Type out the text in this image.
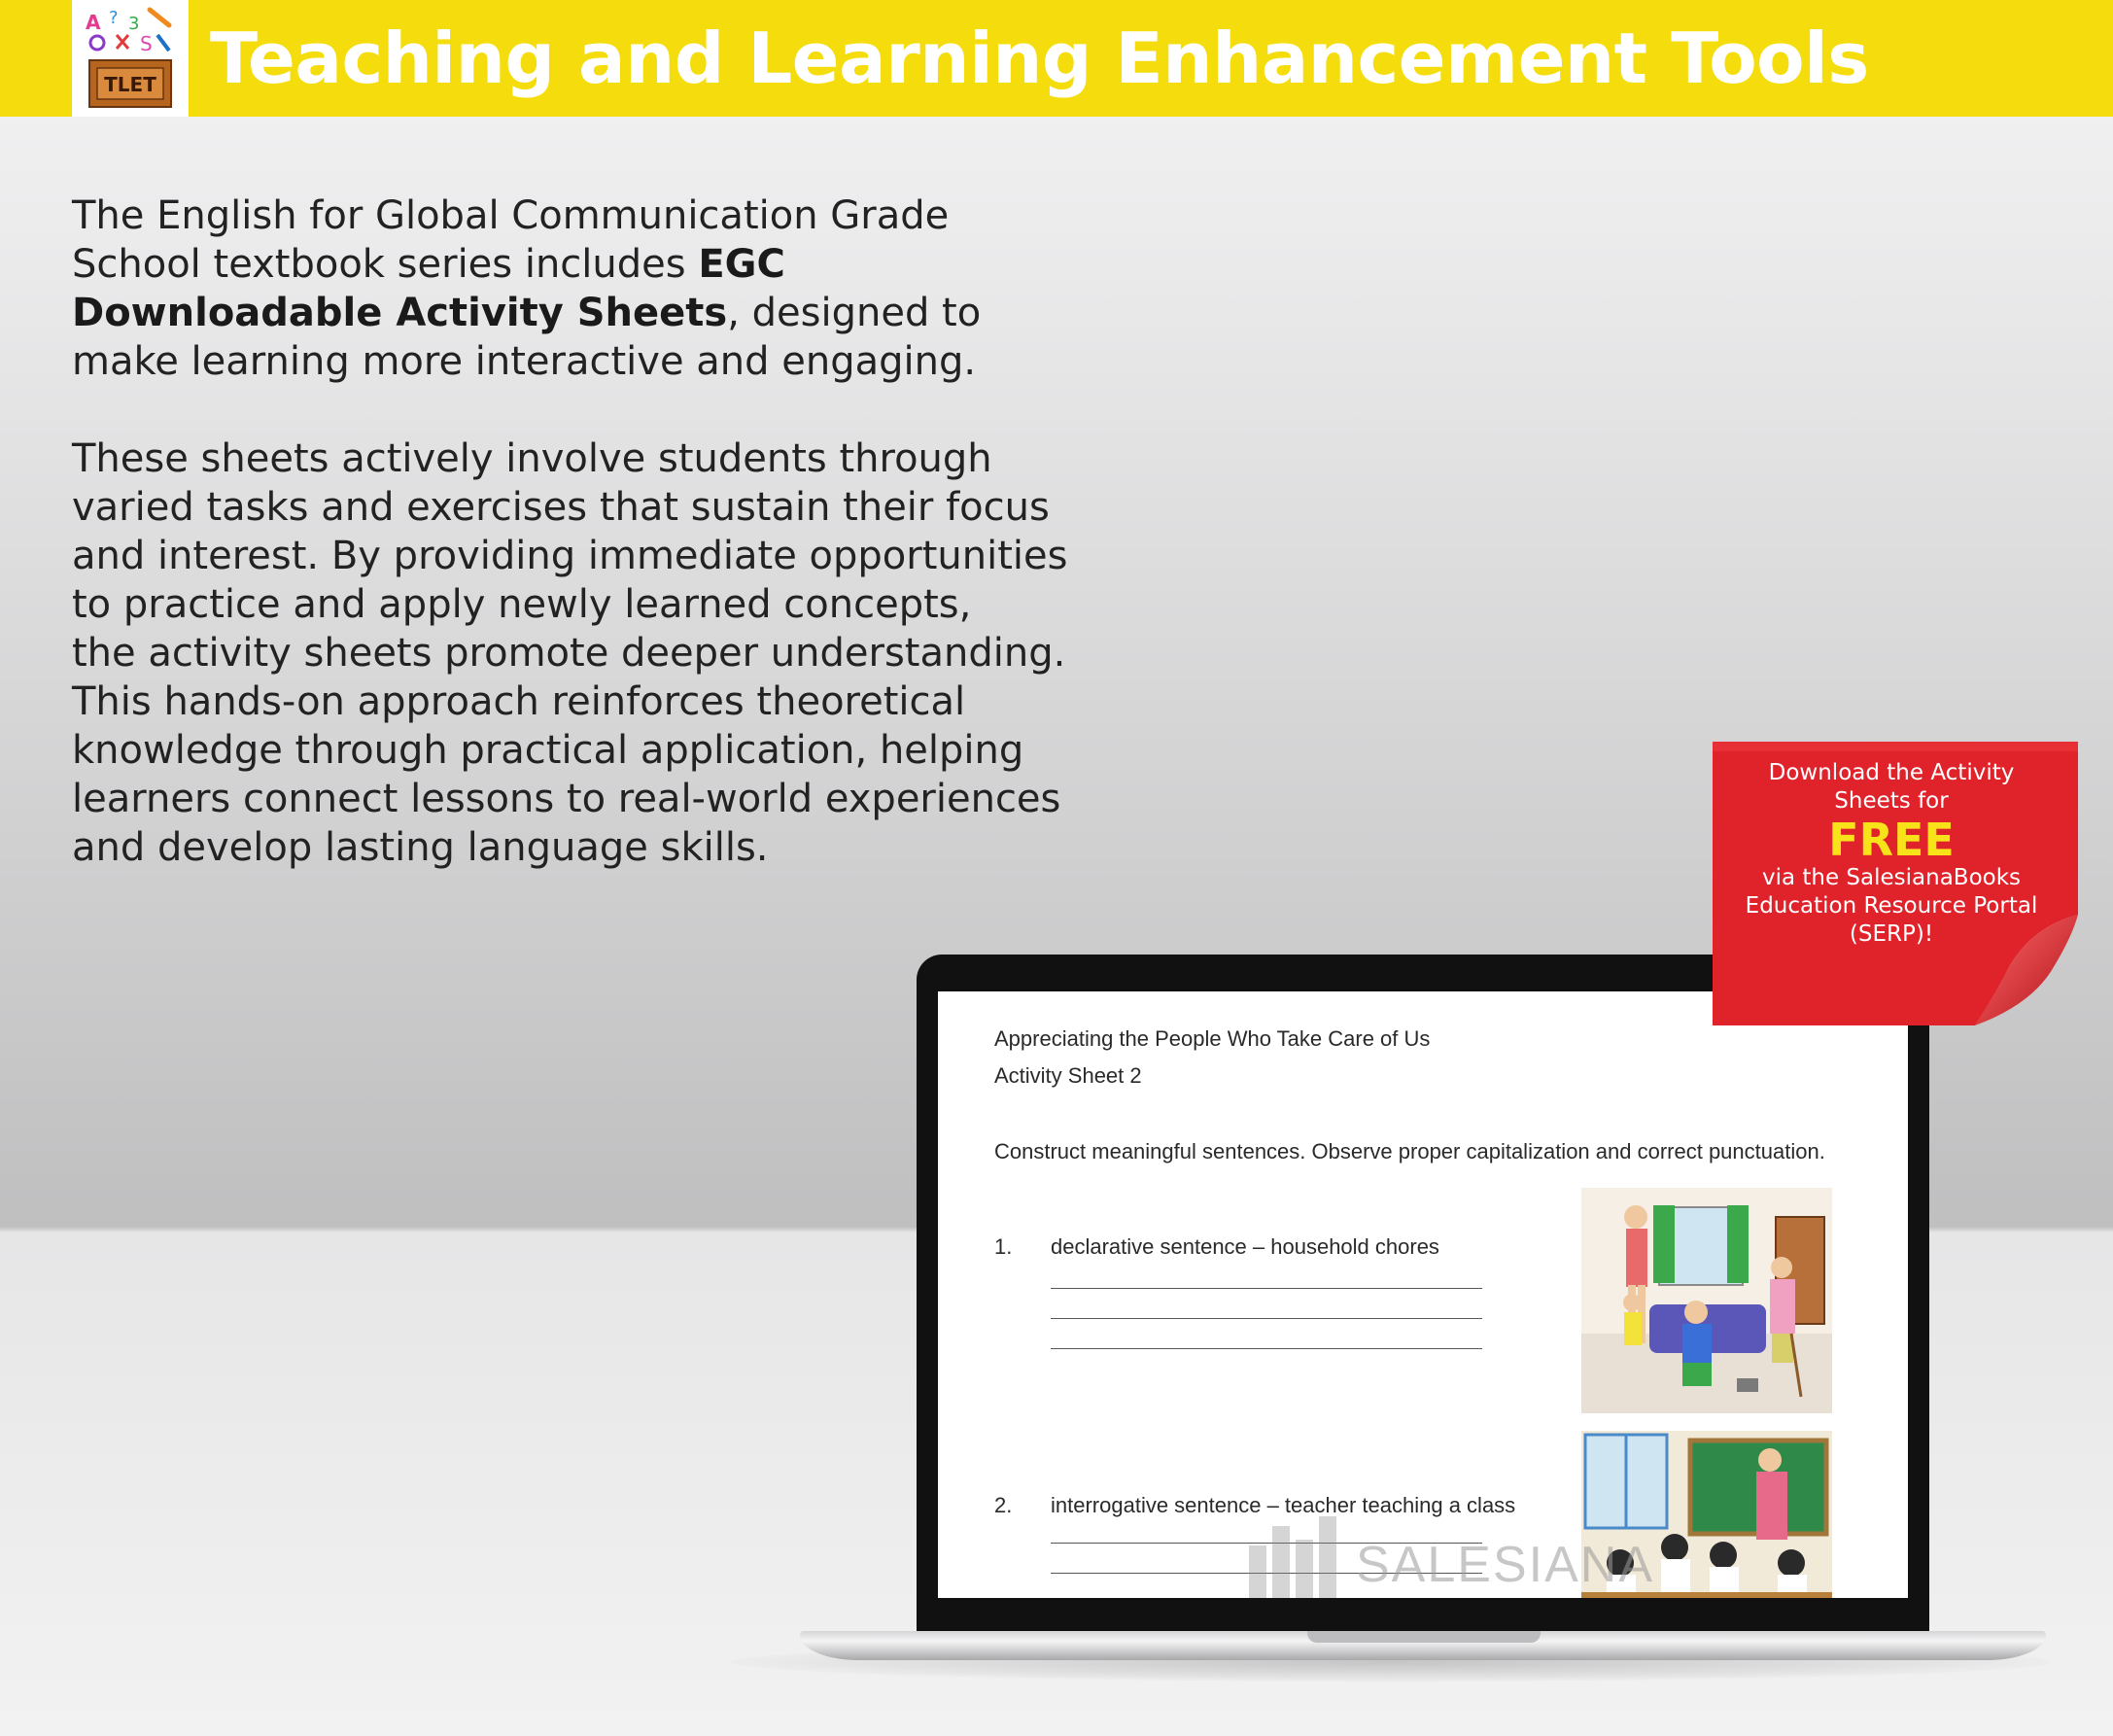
A ? 3
S
TLET Teaching and Learning Enhancement Tools

The English for Global Communication Grade School textbook series includes EGC Downloadable Activity Sheets, designed to make learning more interactive and engaging.

These sheets actively involve students through
varied tasks and exercises that sustain their focus
and interest. By providing immediate opportunities
to practice and apply newly learned concepts,
the activity sheets promote deeper understanding.
This hands-on approach reinforces theoretical
knowledge through practical application, helping
learners connect lessons to real-world experiences
and develop lasting language skills.

Appreciating the People Who Take Care of Us
Activity Sheet 2
Construct meaningful sentences. Observe proper capitalization and correct punctuation.
1. declarative sentence – household chores
2. interrogative sentence – teacher teaching a class
SALESIANA
Download the Activity
Sheets for
FREE
via the SalesianaBooks
Education Resource Portal
(SERP)!
